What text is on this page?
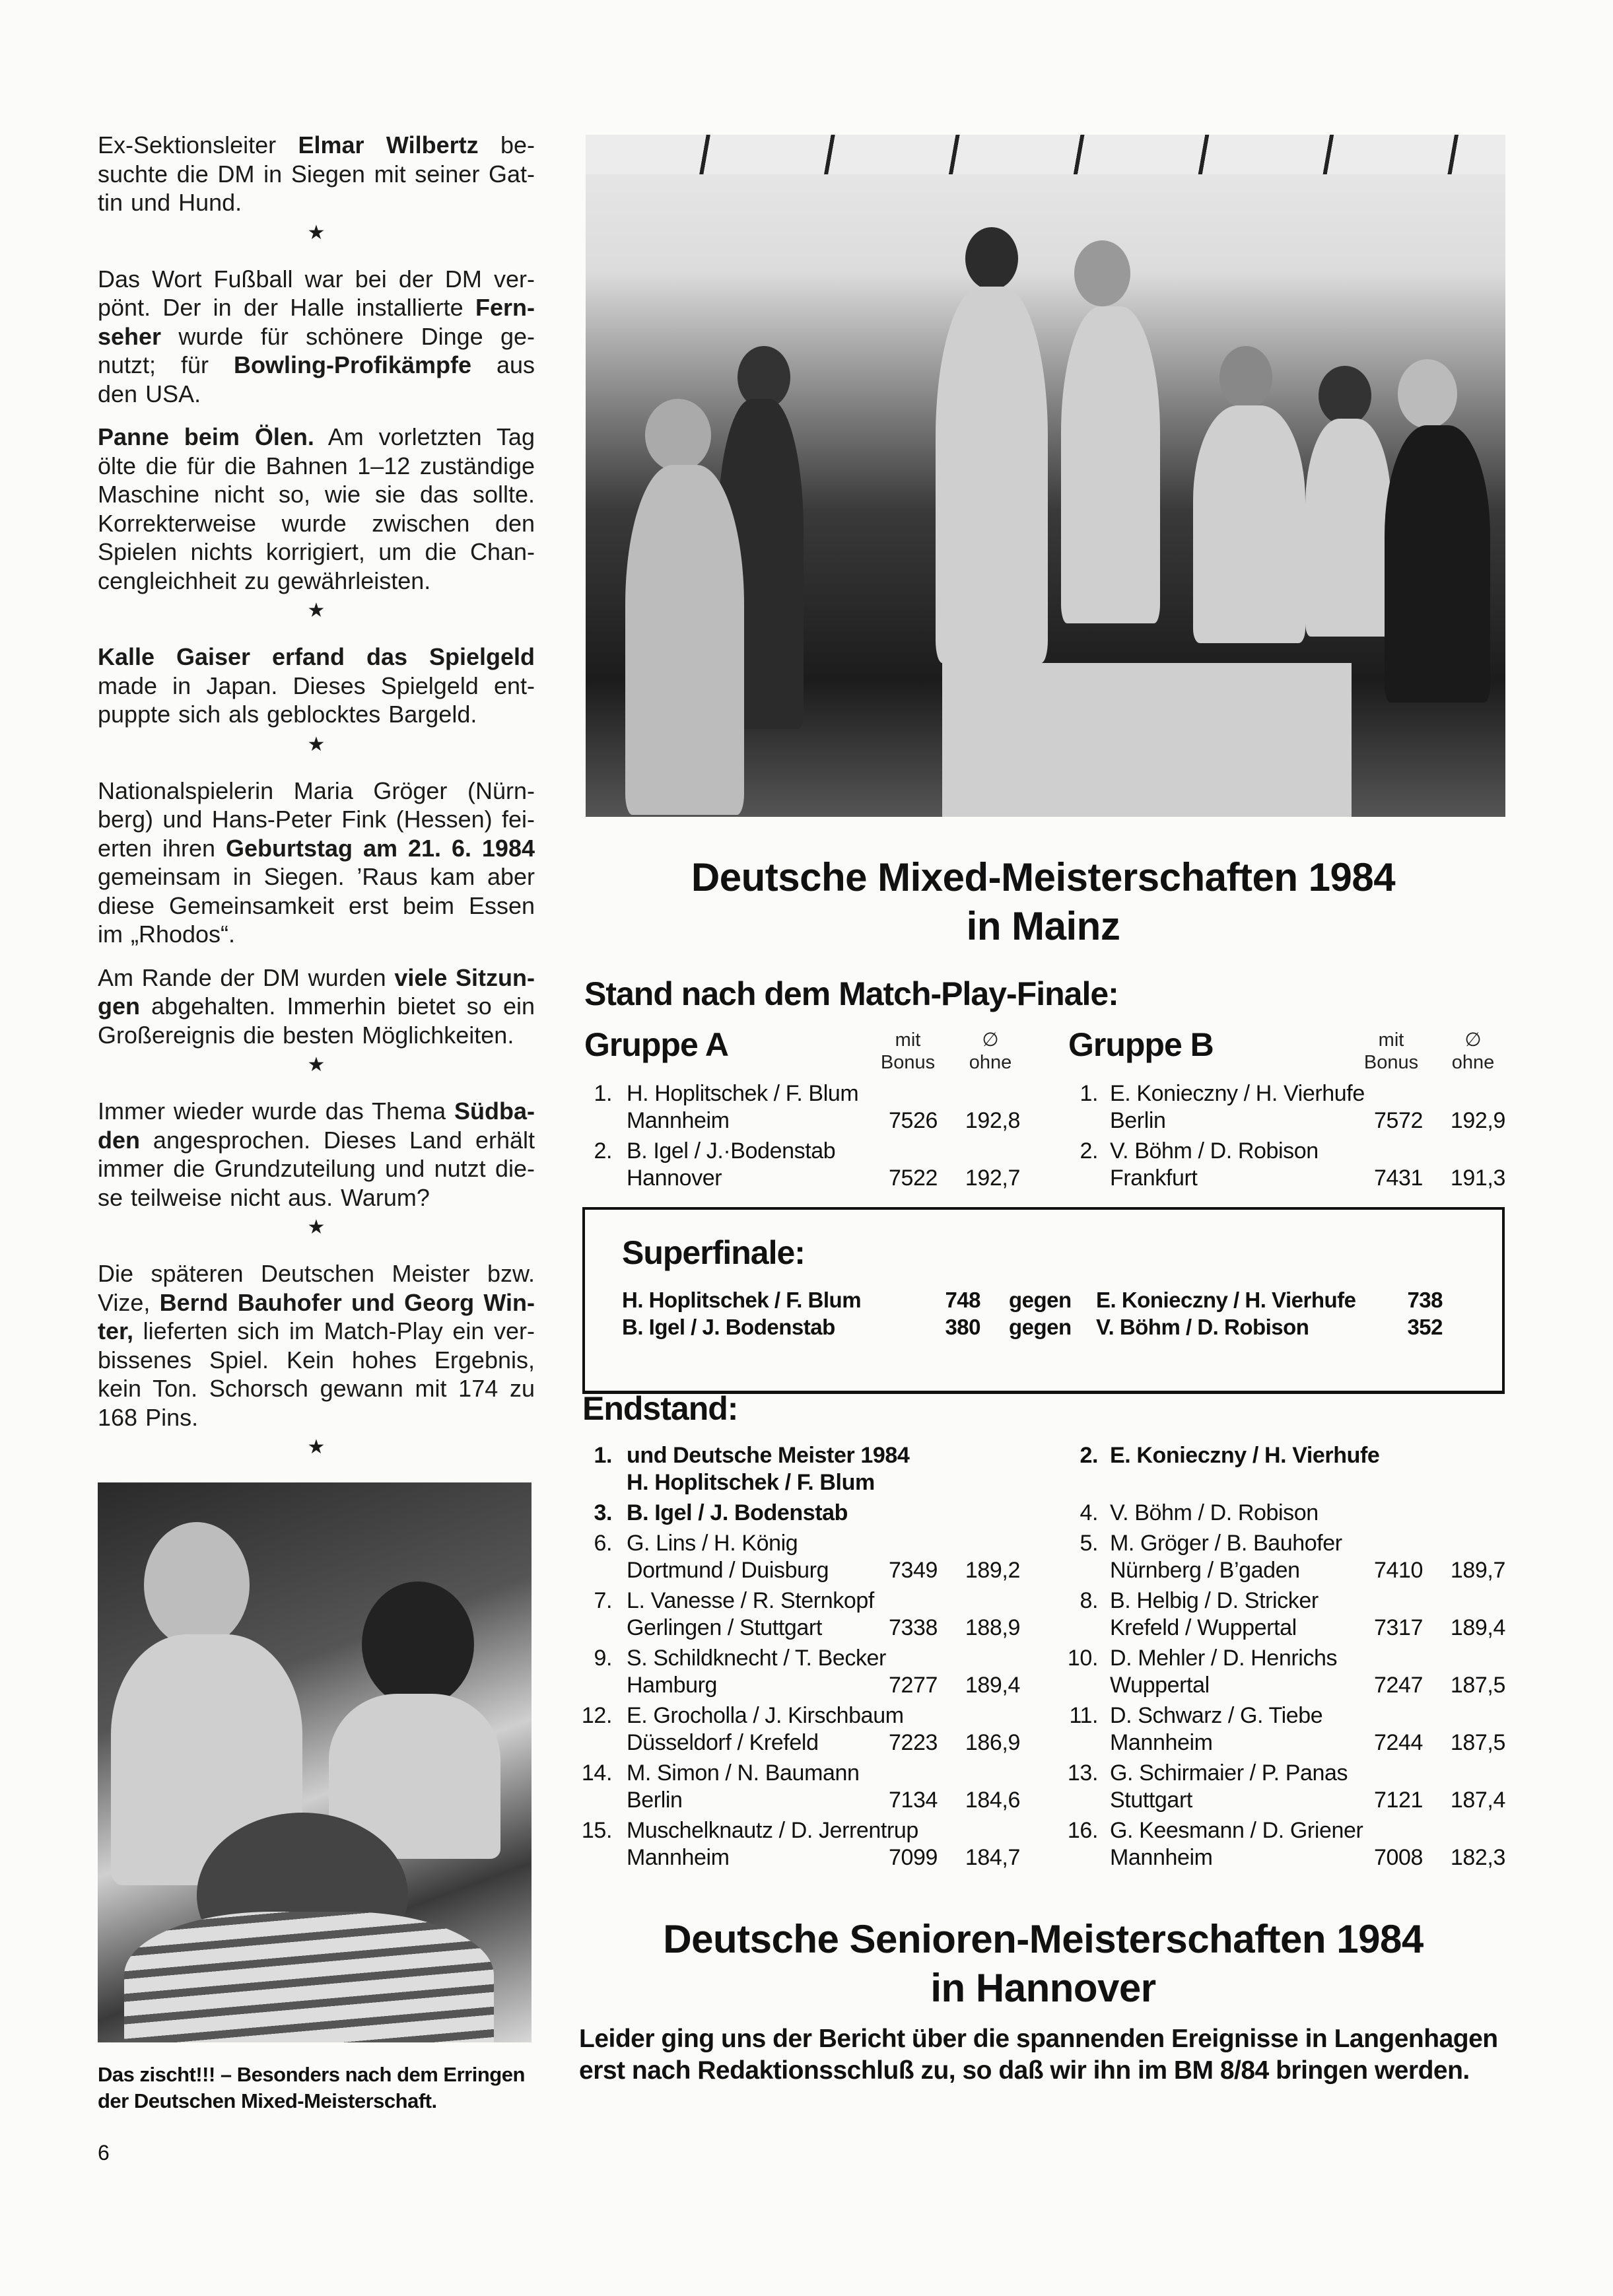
Ex-Sektionsleiter Elmar Wilbertz be-
suchte die DM in Siegen mit seiner Gat-
tin und Hund.
★
Das Wort Fußball war bei der DM ver-
pönt. Der in der Halle installierte Fern-
seher wurde für schönere Dinge ge-
nutzt; für Bowling-Profikämpfe aus
den USA.
Panne beim Ölen. Am vorletzten Tag
ölte die für die Bahnen 1–12 zuständige
Maschine nicht so, wie sie das sollte.
Korrekterweise wurde zwischen den
Spielen nichts korrigiert, um die Chan-
cengleichheit zu gewährleisten.
★
Kalle Gaiser erfand das Spielgeld
made in Japan. Dieses Spielgeld ent-
puppte sich als geblocktes Bargeld.
★
Nationalspielerin Maria Gröger (Nürn-
berg) und Hans-Peter Fink (Hessen) fei-
erten ihren Geburtstag am 21. 6. 1984
gemeinsam in Siegen. ’Raus kam aber
diese Gemeinsamkeit erst beim Essen
im „Rhodos“.
Am Rande der DM wurden viele Sitzun-
gen abgehalten. Immerhin bietet so ein
Großereignis die besten Möglichkeiten.
★
Immer wieder wurde das Thema Südba-
den angesprochen. Dieses Land erhält
immer die Grundzuteilung und nutzt die-
se teilweise nicht aus. Warum?
★
Die späteren Deutschen Meister bzw.
Vize, Bernd Bauhofer und Georg Win-
ter, lieferten sich im Match-Play ein ver-
bissenes Spiel. Kein hohes Ergebnis,
kein Ton. Schorsch gewann mit 174 zu
168 Pins.
★
Das zischt!!! – Besonders nach dem Erringen der Deutschen Mixed-Meisterschaft.
6
Deutsche Mixed-Meisterschaften 1984
in Mainz
Stand nach dem Match-Play-Finale:
Gruppe A	mit
Bonus
∅
ohne
1. H. Hoplitschek / F. Blum
Mannheim	7526	192,8
2. B. Igel / J.·Bodenstab
Hannover	7522	192,7
Gruppe B	mit
Bonus
∅
ohne
1. E. Konieczny / H. Vierhufe
Berlin	7572	192,9
2. V. Böhm / D. Robison
Frankfurt	7431	191,3
Superfinale:
H. Hoplitschek / F. Blum	748	gegen	E. Konieczny / H. Vierhufe	738
B. Igel / J. Bodenstab	380	gegen	V. Böhm / D. Robison	352
Endstand:
1. und Deutsche Meister 1984
H. Hoplitschek / F. Blum
3. B. Igel / J. Bodenstab
6. G. Lins / H. König
Dortmund / Duisburg	7349	189,2
7. L. Vanesse / R. Sternkopf
Gerlingen / Stuttgart	7338	188,9
9. S. Schildknecht / T. Becker
Hamburg	7277	189,4
12. E. Grocholla / J. Kirschbaum
Düsseldorf / Krefeld	7223	186,9
14. M. Simon / N. Baumann
Berlin	7134	184,6
15. Muschelknautz / D. Jerrentrup
Mannheim	7099	184,7
2. E. Konieczny / H. Vierhufe

4. V. Böhm / D. Robison
5. M. Gröger / B. Bauhofer
Nürnberg / B’gaden	7410	189,7
8. B. Helbig / D. Stricker
Krefeld / Wuppertal	7317	189,4
10. D. Mehler / D. Henrichs
Wuppertal	7247	187,5
11. D. Schwarz / G. Tiebe
Mannheim	7244	187,5
13. G. Schirmaier / P. Panas
Stuttgart	7121	187,4
16. G. Keesmann / D. Griener
Mannheim	7008	182,3
Deutsche Senioren-Meisterschaften 1984
in Hannover
Leider ging uns der Bericht über die spannenden Ereignisse in Langenhagen erst nach Redaktionsschluß zu, so daß wir ihn im BM 8/84 bringen werden.
